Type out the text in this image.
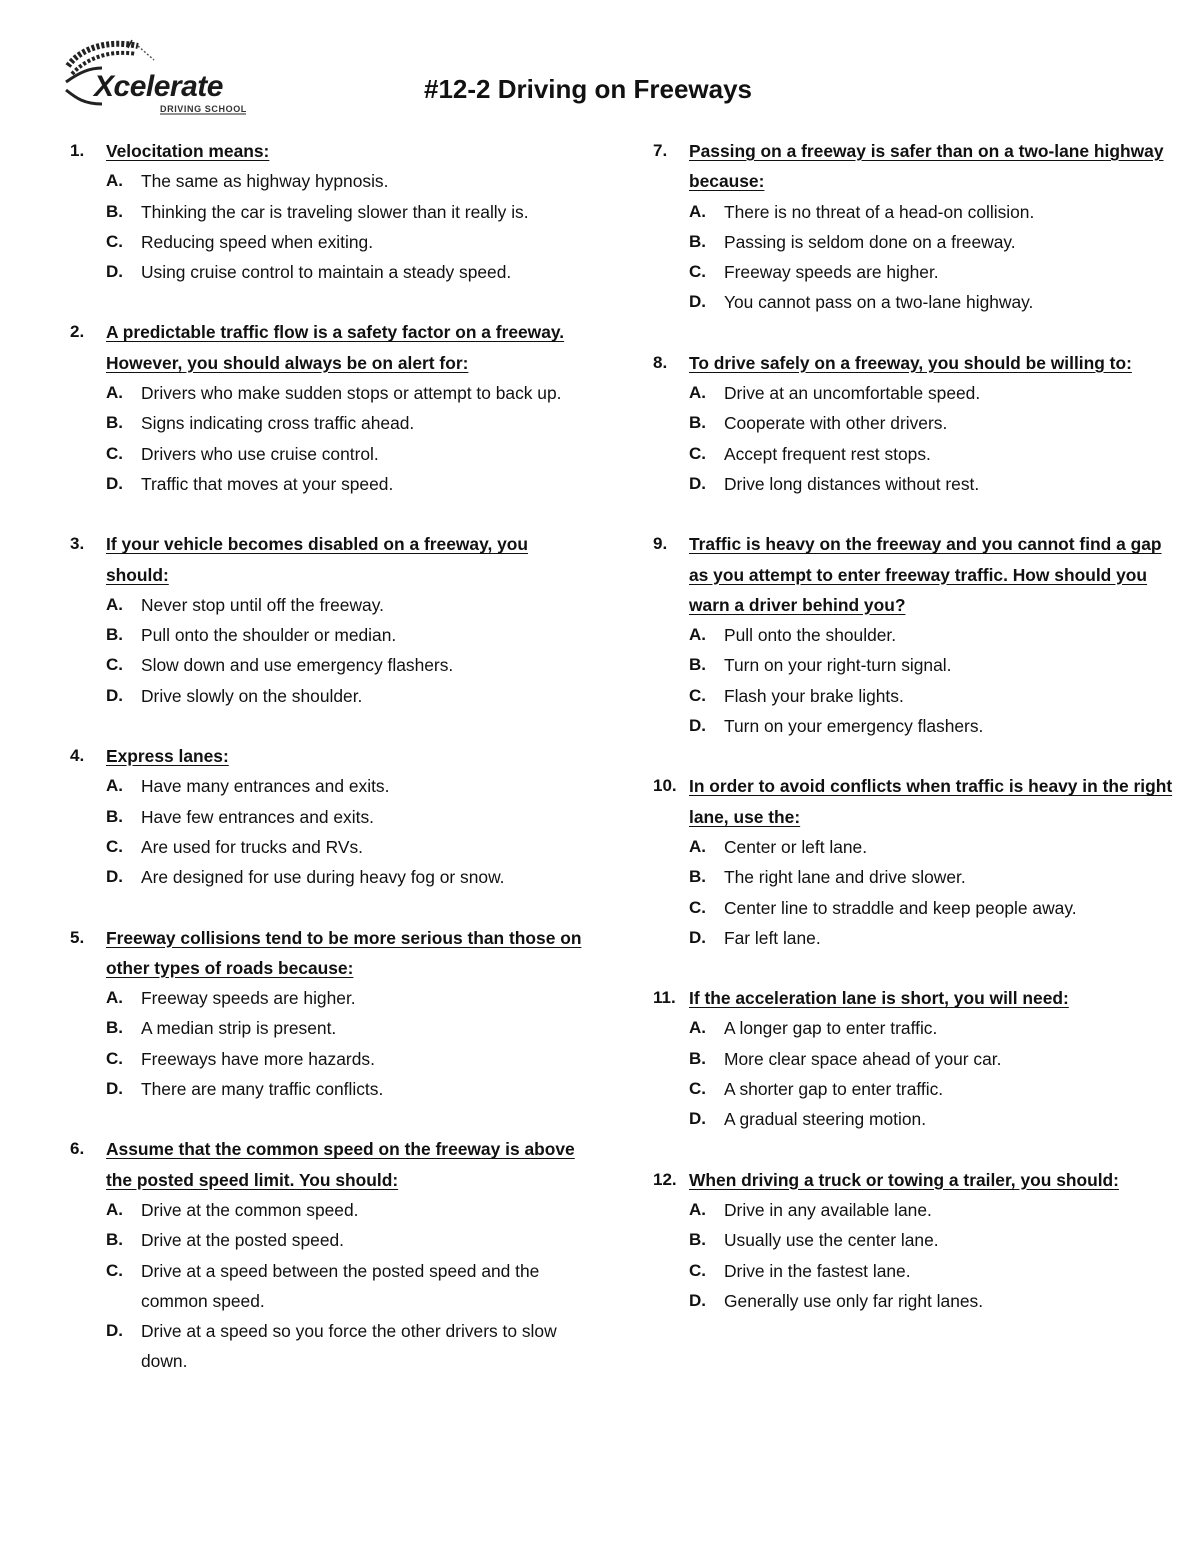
Xcelerate
DRIVING SCHOOL
#12-2 Driving on Freeways
1.	Velocitation means:
A.	The same as highway hypnosis.
B.	Thinking the car is traveling slower than it really is.
C.	Reducing speed when exiting.
D.	Using cruise control to maintain a steady speed.
2.	A predictable traffic flow is a safety factor on a freeway. However, you should always be on alert for:
A.	Drivers who make sudden stops or attempt to back up.
B.	Signs indicating cross traffic ahead.
C.	Drivers who use cruise control.
D.	Traffic that moves at your speed.
3.	If your vehicle becomes disabled on a freeway, you should:
A.	Never stop until off the freeway.
B.	Pull onto the shoulder or median.
C.	Slow down and use emergency flashers.
D.	Drive slowly on the shoulder.
4.	Express lanes:
A.	Have many entrances and exits.
B.	Have few entrances and exits.
C.	Are used for trucks and RVs.
D.	Are designed for use during heavy fog or snow.
5.	Freeway collisions tend to be more serious than those on other types of roads because:
A.	Freeway speeds are higher.
B.	A median strip is present.
C.	Freeways have more hazards.
D.	There are many traffic conflicts.
6.	Assume that the common speed on the freeway is above the posted speed limit. You should:
A.	Drive at the common speed.
B.	Drive at the posted speed.
C.	Drive at a speed between the posted speed and the common speed.
D.	Drive at a speed so you force the other drivers to slow down.
7.	Passing on a freeway is safer than on a two-lane highway because:
A.	There is no threat of a head-on collision.
B.	Passing is seldom done on a freeway.
C.	Freeway speeds are higher.
D.	You cannot pass on a two-lane highway.
8.	To drive safely on a freeway, you should be willing to:
A.	Drive at an uncomfortable speed.
B.	Cooperate with other drivers.
C.	Accept frequent rest stops.
D.	Drive long distances without rest.
9.	Traffic is heavy on the freeway and you cannot find a gap as you attempt to enter freeway traffic. How should you warn a driver behind you?
A.	Pull onto the shoulder.
B.	Turn on your right-turn signal.
C.	Flash your brake lights.
D.	Turn on your emergency flashers.
10. In order to avoid conflicts when traffic is heavy in the right lane, use the:
A.	Center or left lane.
B.	The right lane and drive slower.
C.	Center line to straddle and keep people away.
D.	Far left lane.
11. If the acceleration lane is short, you will need:
A.	A longer gap to enter traffic.
B.	More clear space ahead of your car.
C.	A shorter gap to enter traffic.
D.	A gradual steering motion.
12. When driving a truck or towing a trailer, you should:
A.	Drive in any available lane.
B.	Usually use the center lane.
C.	Drive in the fastest lane.
D.	Generally use only far right lanes.
